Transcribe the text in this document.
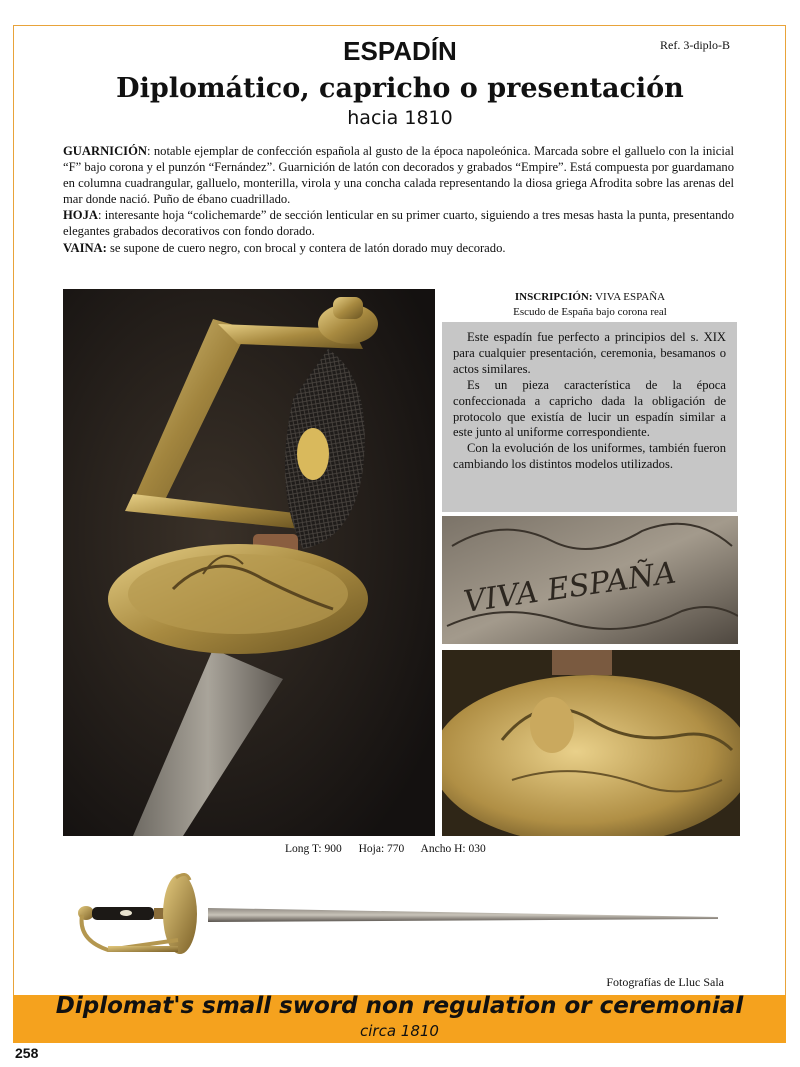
Ref. 3-diplo-B
ESPADÍN
Diplomático, capricho o presentación
hacia 1810

GUARNICIÓN: notable ejemplar de confección española al gusto de la época napoleónica. Marcada sobre el galluelo con la inicial “F” bajo corona y el punzón “Fernández”. Guarnición de latón con decorados y grabados “Empire”. Está compuesta por guardamano en columna cuadrangular, galluelo, monterilla, virola y una concha calada representando la diosa griega Afrodita sobre las arenas del mar donde nació. Puño de ébano cuadrillado.

HOJA: interesante hoja “colichemarde” de sección lenticular en su primer cuarto, siguiendo a tres mesas hasta la punta, presentando elegantes grabados decorativos con fondo dorado.

VAINA: se supone de cuero negro, con brocal y contera de latón dorado muy decorado.

INSCRIPCIÓN: VIVA ESPAÑA
Escudo de España bajo corona real

Este espadín fue perfecto a principios del s. XIX para cualquier presentación, ceremonia, besamanos o actos similares.

Es un pieza característica de la época confeccionada a capricho dada la obligación de protocolo que existía de lucir un espadín similar a este junto al uniforme correspondiente.

Con la evolución de los uniformes, también fueron cambiando los distintos modelos utilizados.

VIVA ESPAÑA
Long T: 900 Hoja: 770 Ancho H: 030
Fotografías de Lluc Sala
Diplomat's small sword non regulation or ceremonial
circa 1810
258
